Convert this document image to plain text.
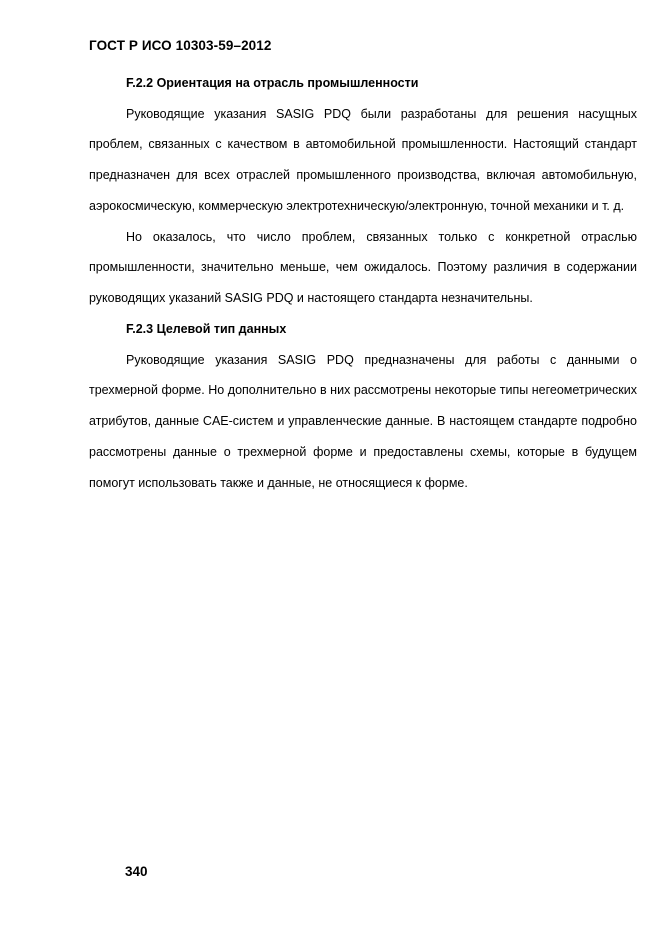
ГОСТ Р ИСО 10303-59–2012
F.2.2 Ориентация на отрасль промышленности

Руководящие указания SASIG PDQ были разработаны для решения насущных проблем, связанных с качеством в автомобильной промышленности. Настоящий стандарт предназначен для всех отраслей промышленного производства, включая автомобильную, аэрокосмическую, коммерческую электротехническую/электронную, точной механики и т. д.

Но оказалось, что число проблем, связанных только с конкретной отраслью промышленности, значительно меньше, чем ожидалось. Поэтому различия в содержании руководящих указаний SASIG PDQ и настоящего стандарта незначительны.

F.2.3 Целевой тип данных

Руководящие указания SASIG PDQ предназначены для работы с данными о трехмерной форме. Но дополнительно в них рассмотрены некоторые типы негеометрических атрибутов, данные CAE-систем и управленческие данные. В настоящем стандарте подробно рассмотрены данные о трехмерной форме и предоставлены схемы, которые в будущем помогут использовать также и данные, не относящиеся к форме.

340
